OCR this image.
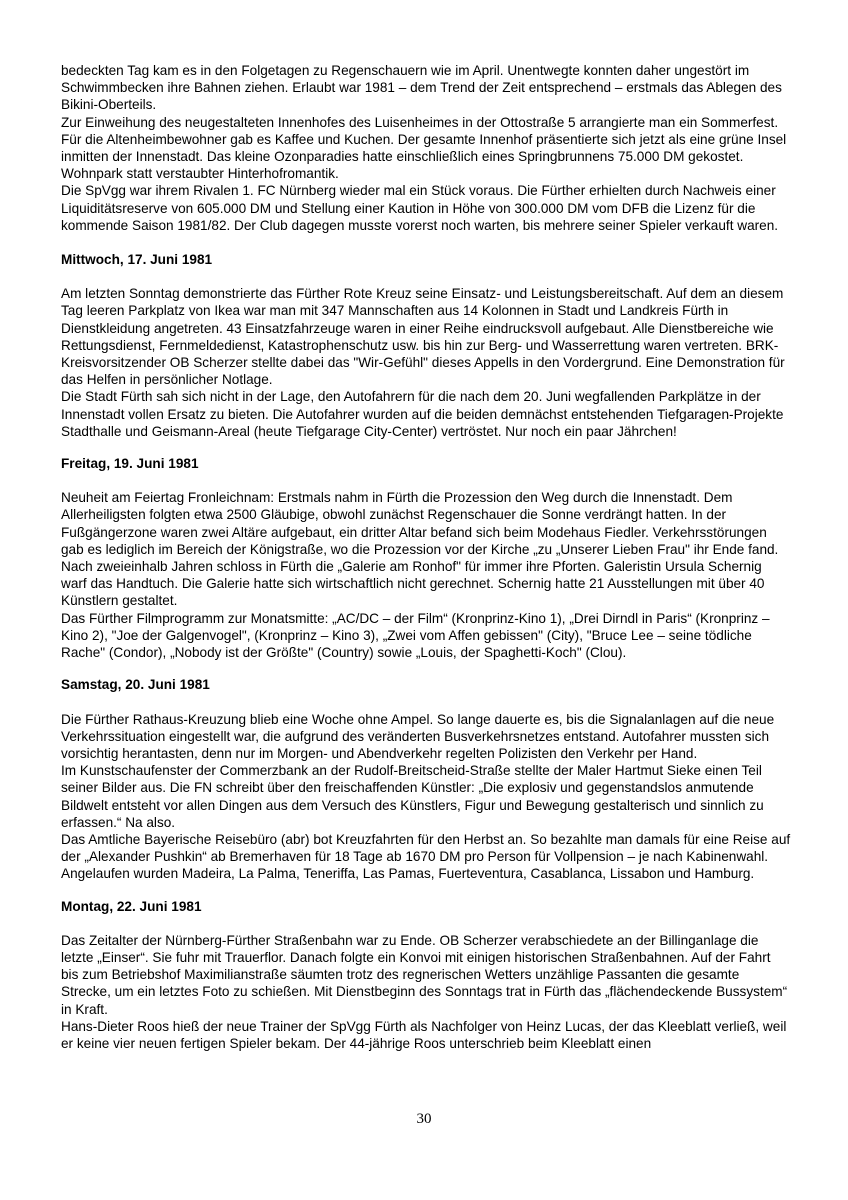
bedeckten Tag kam es in den Folgetagen zu Regenschauern wie im April. Unentwegte konnten daher ungestört im Schwimmbecken ihre Bahnen ziehen. Erlaubt war 1981 – dem Trend der Zeit entsprechend – erstmals das Ablegen des Bikini-Oberteils.

Zur Einweihung des neugestalteten Innenhofes des Luisenheimes in der Ottostraße 5 arrangierte man ein Sommerfest. Für die Altenheimbewohner gab es Kaffee und Kuchen. Der gesamte Innenhof präsentierte sich jetzt als eine grüne Insel inmitten der Innenstadt. Das kleine Ozonparadies hatte einschließlich eines Springbrunnens 75.000 DM gekostet. Wohnpark statt verstaubter Hinterhofromantik.

Die SpVgg war ihrem Rivalen 1. FC Nürnberg wieder mal ein Stück voraus. Die Fürther erhielten durch Nachweis einer Liquiditätsreserve von 605.000 DM und Stellung einer Kaution in Höhe von 300.000 DM vom DFB die Lizenz für die kommende Saison 1981/82. Der Club dagegen musste vorerst noch warten, bis mehrere seiner Spieler verkauft waren.

Mittwoch, 17. Juni 1981

Am letzten Sonntag demonstrierte das Fürther Rote Kreuz seine Einsatz- und Leistungsbereitschaft. Auf dem an diesem Tag leeren Parkplatz von Ikea war man mit 347 Mannschaften aus 14 Kolonnen in Stadt und Landkreis Fürth in Dienstkleidung angetreten. 43 Einsatzfahrzeuge waren in einer Reihe eindrucksvoll aufgebaut. Alle Dienstbereiche wie Rettungsdienst, Fernmeldedienst, Katastrophenschutz usw. bis hin zur Berg- und Wasserrettung waren vertreten. BRK-Kreisvorsitzender OB Scherzer stellte dabei das "Wir-Gefühl" dieses Appells in den Vordergrund. Eine Demonstration für das Helfen in persönlicher Notlage.

Die Stadt Fürth sah sich nicht in der Lage, den Autofahrern für die nach dem 20. Juni wegfallenden Parkplätze in der Innenstadt vollen Ersatz zu bieten. Die Autofahrer wurden auf die beiden demnächst entstehenden Tiefgaragen-Projekte Stadthalle und Geismann-Areal (heute Tiefgarage City-Center) vertröstet. Nur noch ein paar Jährchen!

Freitag, 19. Juni 1981

Neuheit am Feiertag Fronleichnam: Erstmals nahm in Fürth die Prozession den Weg durch die Innenstadt. Dem Allerheiligsten folgten etwa 2500 Gläubige, obwohl zunächst Regenschauer die Sonne verdrängt hatten. In der Fußgängerzone waren zwei Altäre aufgebaut, ein dritter Altar befand sich beim Modehaus Fiedler. Verkehrsstörungen gab es lediglich im Bereich der Königstraße, wo die Prozession vor der Kirche „zu „Unserer Lieben Frau" ihr Ende fand.

Nach zweieinhalb Jahren schloss in Fürth die „Galerie am Ronhof" für immer ihre Pforten. Galeristin Ursula Schernig warf das Handtuch. Die Galerie hatte sich wirtschaftlich nicht gerechnet. Schernig hatte 21 Ausstellungen mit über 40 Künstlern gestaltet.

Das Fürther Filmprogramm zur Monatsmitte: „AC/DC – der Film“ (Kronprinz-Kino 1), „Drei Dirndl in Paris“ (Kronprinz – Kino 2), "Joe der Galgenvogel", (Kronprinz – Kino 3), „Zwei vom Affen gebissen" (City), "Bruce Lee – seine tödliche Rache" (Condor), „Nobody ist der Größte" (Country) sowie „Louis, der Spaghetti-Koch" (Clou).

Samstag, 20. Juni 1981

Die Fürther Rathaus-Kreuzung blieb eine Woche ohne Ampel. So lange dauerte es, bis die Signalanlagen auf die neue Verkehrssituation eingestellt war, die aufgrund des veränderten Busverkehrsnetzes entstand. Autofahrer mussten sich vorsichtig herantasten, denn nur im Morgen- und Abendverkehr regelten Polizisten den Verkehr per Hand.

Im Kunstschaufenster der Commerzbank an der Rudolf-Breitscheid-Straße stellte der Maler Hartmut Sieke einen Teil seiner Bilder aus. Die FN schreibt über den freischaffenden Künstler: „Die explosiv und gegenstandslos anmutende Bildwelt entsteht vor allen Dingen aus dem Versuch des Künstlers, Figur und Bewegung gestalterisch und sinnlich zu erfassen.“ Na also.

Das Amtliche Bayerische Reisebüro (abr) bot Kreuzfahrten für den Herbst an. So bezahlte man damals für eine Reise auf der „Alexander Pushkin“ ab Bremerhaven für 18 Tage ab 1670 DM pro Person für Vollpension – je nach Kabinenwahl. Angelaufen wurden Madeira, La Palma, Teneriffa, Las Pamas, Fuerteventura, Casablanca, Lissabon und Hamburg.

Montag, 22. Juni 1981

Das Zeitalter der Nürnberg-Fürther Straßenbahn war zu Ende. OB Scherzer verabschiedete an der Billinganlage die letzte „Einser“. Sie fuhr mit Trauerflor. Danach folgte ein Konvoi mit einigen historischen Straßenbahnen. Auf der Fahrt bis zum Betriebshof Maximilianstraße säumten trotz des regnerischen Wetters unzählige Passanten die gesamte Strecke, um ein letztes Foto zu schießen. Mit Dienstbeginn des Sonntags trat in Fürth das „flächendeckende Bussystem“ in Kraft.

Hans-Dieter Roos hieß der neue Trainer der SpVgg Fürth als Nachfolger von Heinz Lucas, der das Kleeblatt verließ, weil er keine vier neuen fertigen Spieler bekam. Der 44-jährige Roos unterschrieb beim Kleeblatt einen

30
